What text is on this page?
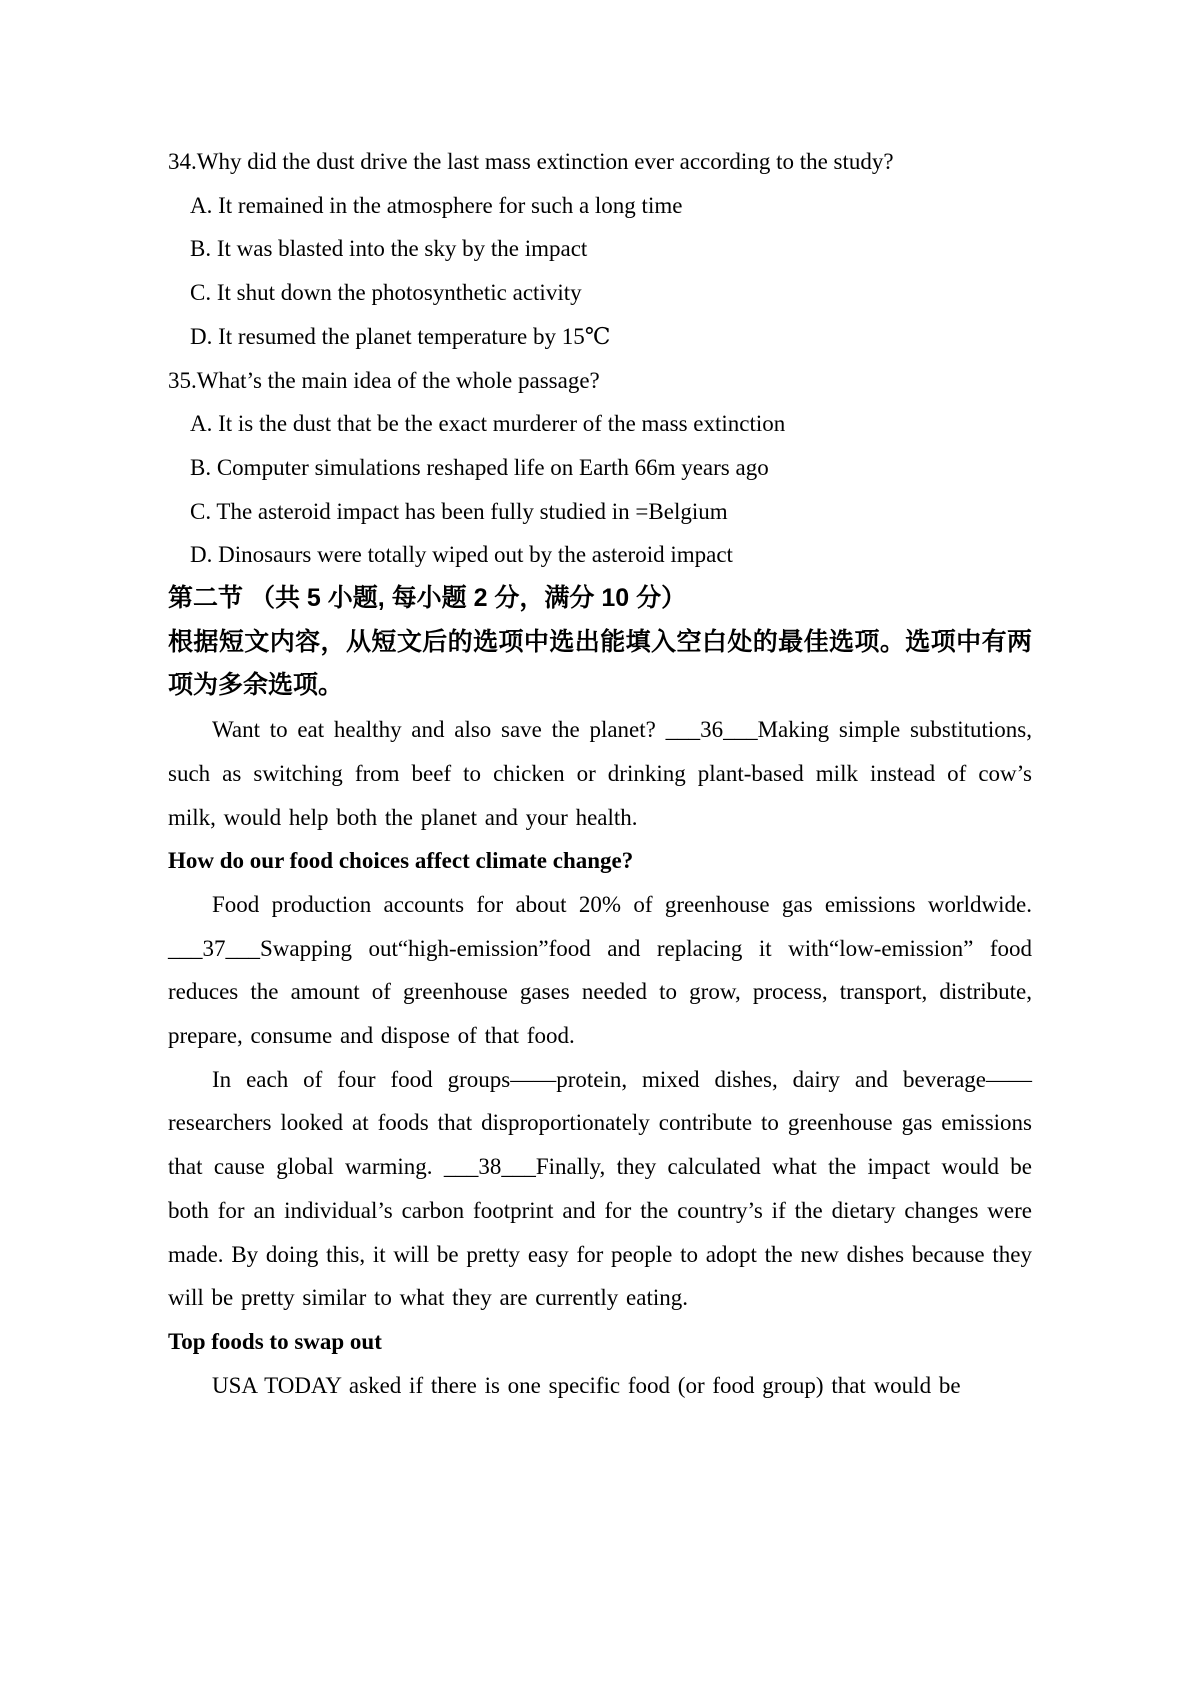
34.Why did the dust drive the last mass extinction ever according to the study?

A. It remained in the atmosphere for such a long time

B. It was blasted into the sky by the impact

C. It shut down the photosynthetic activity

D. It resumed the planet temperature by 15℃

35.What’s the main idea of the whole passage?

A. It is the dust that be the exact murderer of the mass extinction

B. Computer simulations reshaped life on Earth 66m years ago

C. The asteroid impact has been fully studied in =Belgium

D. Dinosaurs were totally wiped out by the asteroid impact

第二节 （共 5 小题, 每小题 2 分，满分 10 分）

根据短文内容，从短文后的选项中选出能填入空白处的最佳选项。选项中有两项为多余选项。

Want to eat healthy and also save the planet? ___36___Making simple substitutions, such as switching from beef to chicken or drinking plant-based milk instead of cow’s milk, would help both the planet and your health.

How do our food choices affect climate change?

Food production accounts for about 20% of greenhouse gas emissions worldwide. ___37___Swapping out“high-emission”food and replacing it with“low-emission” food reduces the amount of greenhouse gases needed to grow, process, transport, distribute, prepare, consume and dispose of that food.

In each of four food groups——protein, mixed dishes, dairy and beverage——researchers looked at foods that disproportionately contribute to greenhouse gas emissions that cause global warming. ___38___Finally, they calculated what the impact would be both for an individual’s carbon footprint and for the country’s if the dietary changes were made. By doing this, it will be pretty easy for people to adopt the new dishes because they will be pretty similar to what they are currently eating.

Top foods to swap out

USA TODAY asked if there is one specific food (or food group) that would be
